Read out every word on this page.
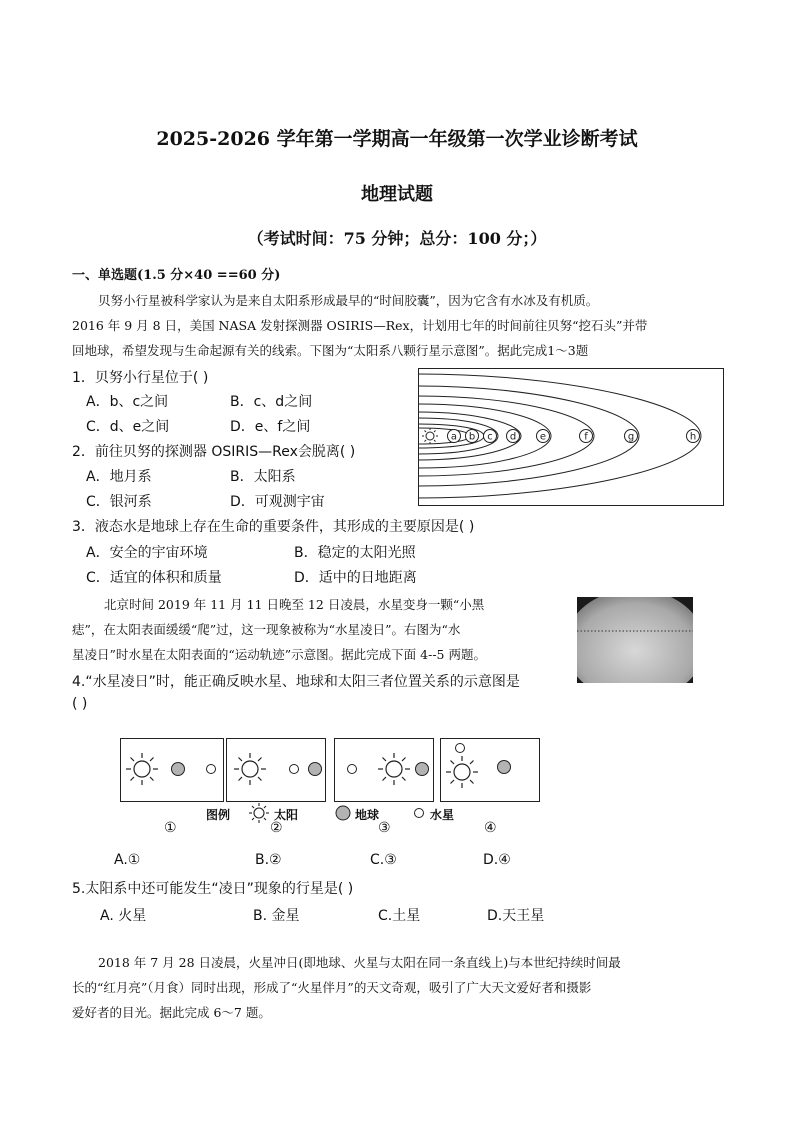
2025-2026 学年第一学期高一年级第一次学业诊断考试
地理试题
（考试时间：75 分钟；总分：100 分；）
一、单选题(1.5 分×40 ==60 分)
贝努小行星被科学家认为是来自太阳系形成最早的“时间胶囊”，因为它含有水冰及有机质。
2016 年 9 月 8 日，美国 NASA 发射探测器 OSIRIS—Rex，计划用七年的时间前往贝努“挖石头”并带
回地球，希望发现与生命起源有关的线索。下图为“太阳系八颗行星示意图”。据此完成1～3题
1．贝努小行星位于( )
A．b、c之间	B．c、d之间
C．d、e之间	D．e、f之间
2．前往贝努的探测器 OSIRIS—Rex会脱离( )
A．地月系	B．太阳系
C．银河系	D．可观测宇宙
a b c d e	f	g	h
3．液态水是地球上存在生命的重要条件，其形成的主要原因是( )
A．安全的宇宙环境	B．稳定的太阳光照
C．适宜的体积和质量	D．适中的日地距离
北京时间 2019 年 11 月 11 日晚至 12 日凌晨，水星变身一颗“小黑
痣”，在太阳表面缓缓“爬”过，这一现象被称为“水星凌日”。右图为“水
星凌日”时水星在太阳表面的“运动轨迹”示意图。据此完成下面 4--5 两题。
4.“水星凌日”时，能正确反映水星、地球和太阳三者位置关系的示意图是
( )
图例	太阳	地球	水星
①	②	③	④
A.①	B.②	C.③	D.④
5.太阳系中还可能发生“凌日”现象的行星是( )
A. 火星	B. 金星	C.土星	D.天王星
2018 年 7 月 28 日凌晨，火星冲日(即地球、火星与太阳在同一条直线上)与本世纪持续时间最
长的“红月亮”（月食）同时出现，形成了“火星伴月”的天文奇观，吸引了广大天文爱好者和摄影
爱好者的目光。据此完成 6～7 题。
